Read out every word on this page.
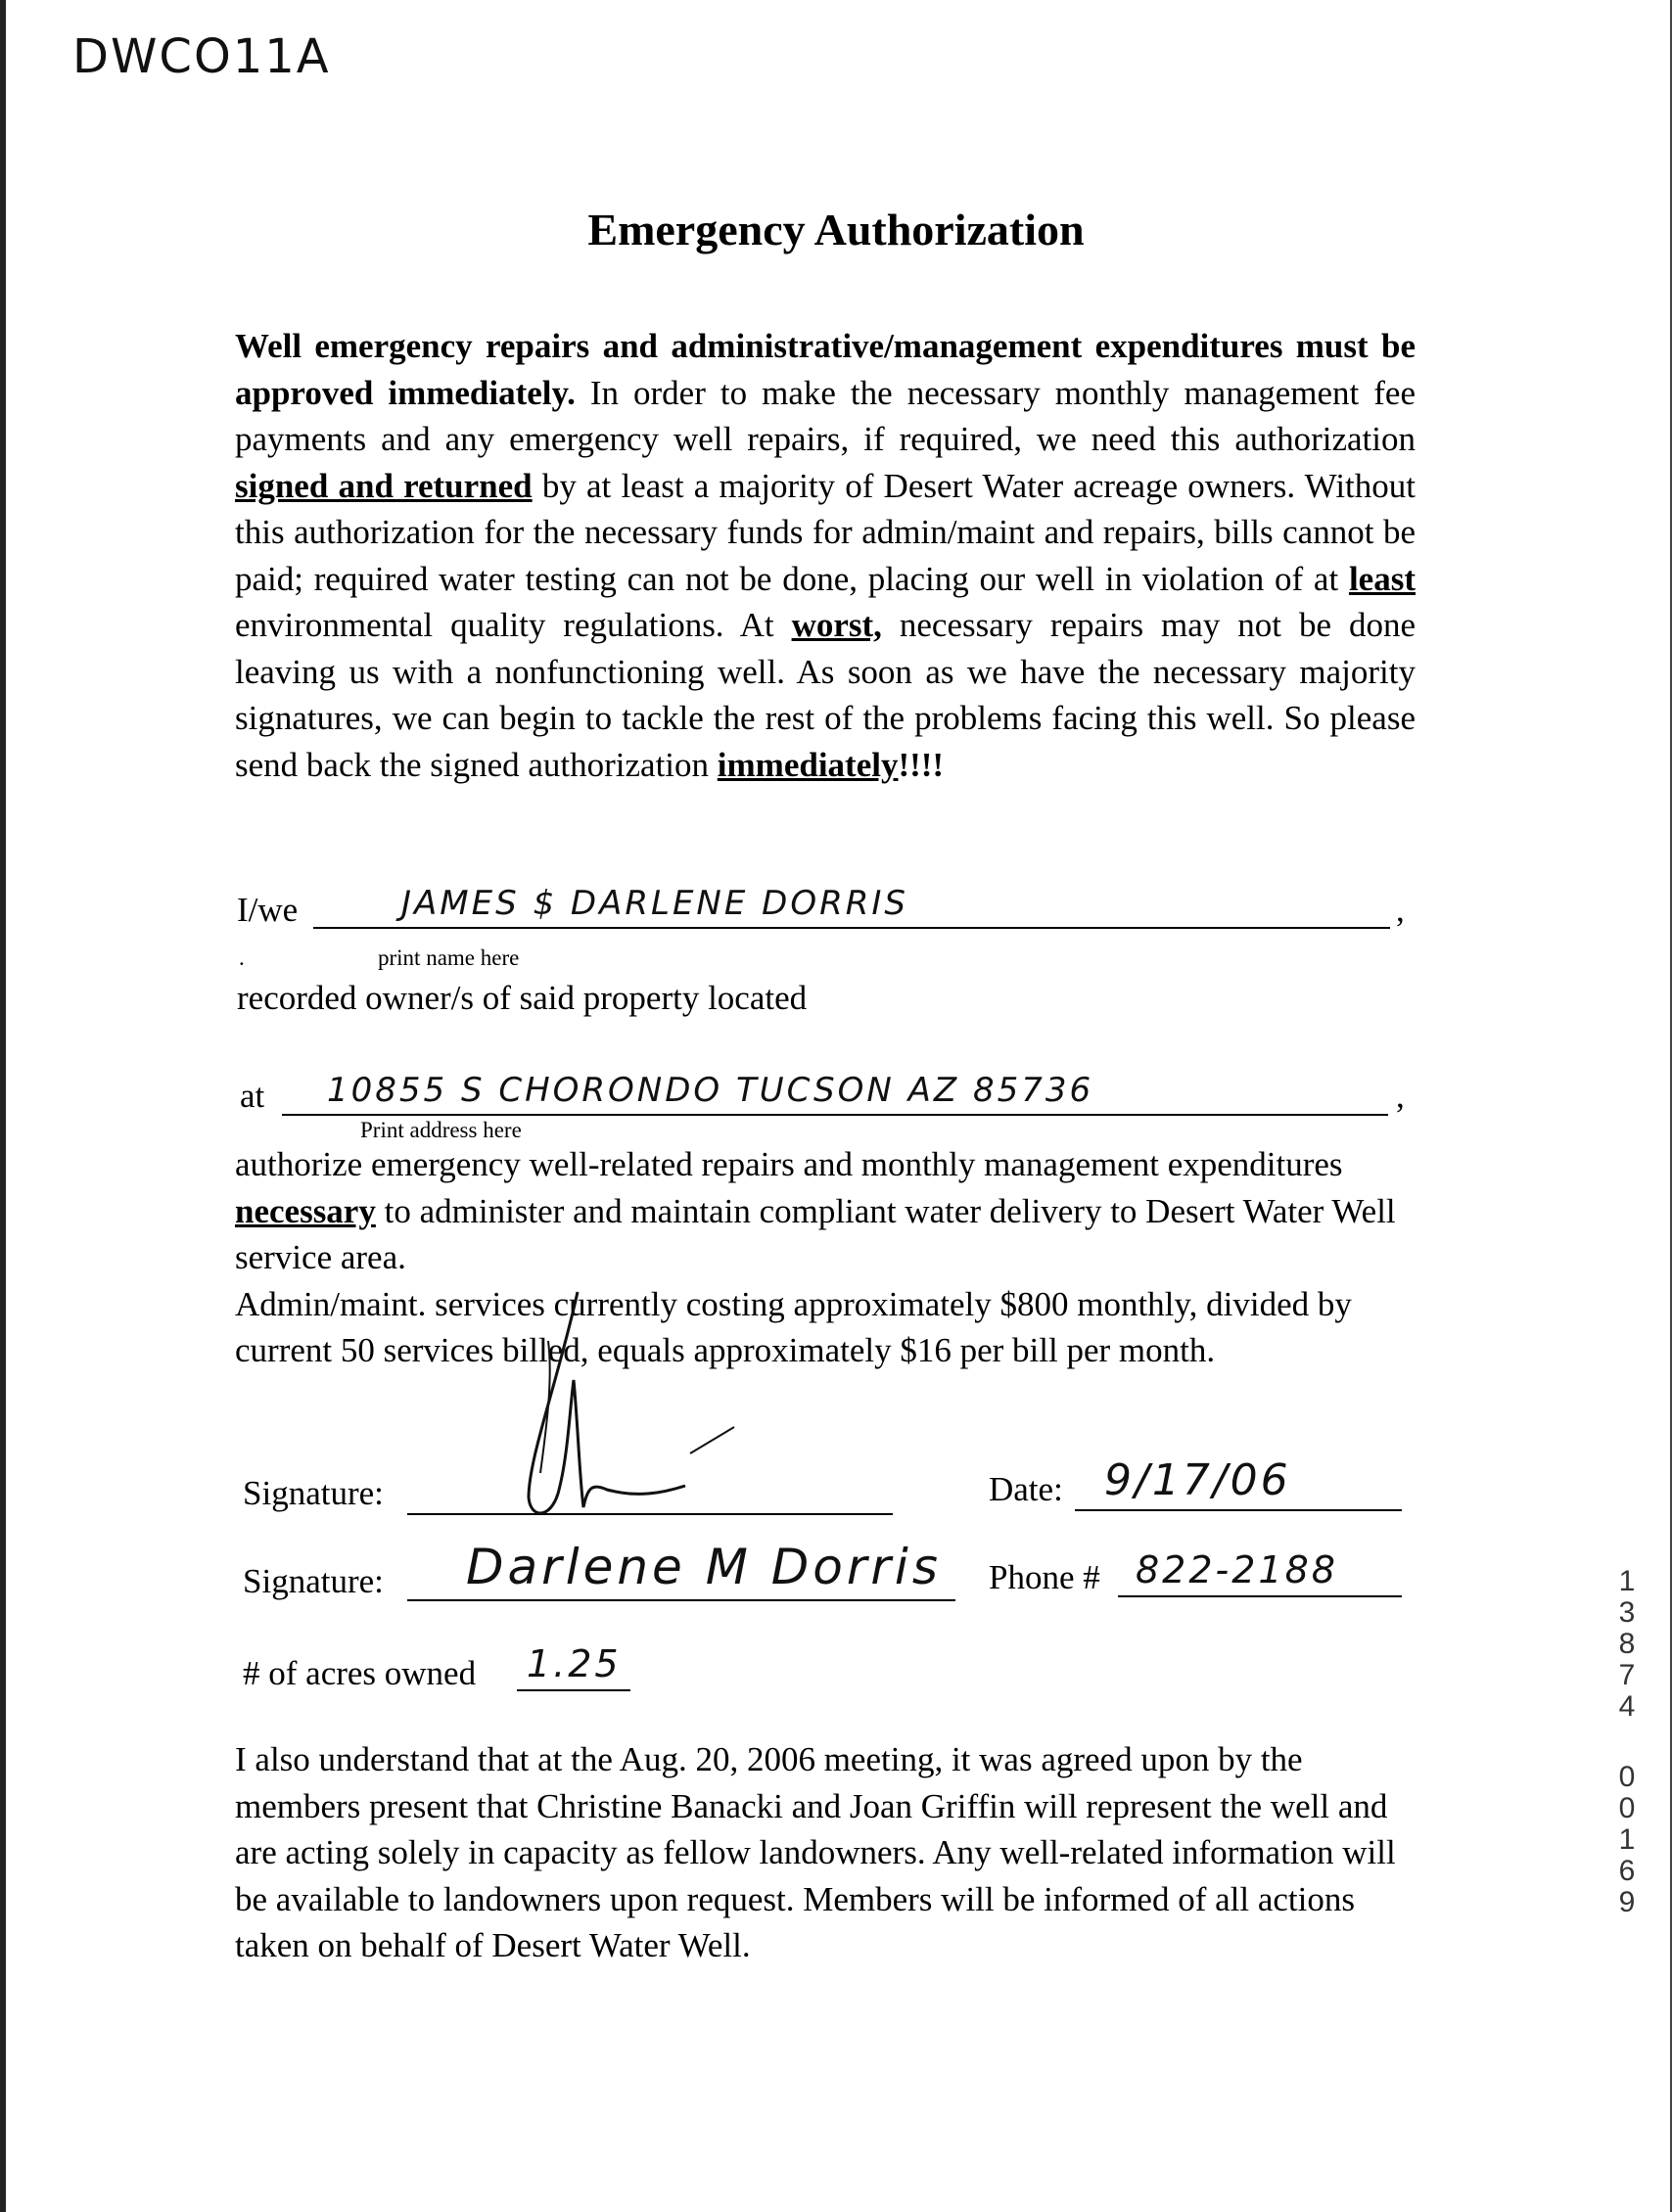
DWCO11A
Emergency Authorization
Well emergency repairs and administrative/management expenditures must be approved immediately. In order to make the necessary monthly management fee payments and any emergency well repairs, if required, we need this authorization signed and returned by at least a majority of Desert Water acreage owners. Without this authorization for the necessary funds for admin/maint and repairs, bills cannot be paid; required water testing can not be done, placing our well in violation of at least environmental quality regulations. At worst, necessary repairs may not be done leaving us with a nonfunctioning well. As soon as we have the necessary majority signatures, we can begin to tackle the rest of the problems facing this well. So please send back the signed authorization immediately!!!!
I/we	JAMES $ DARLENE DORRIS	,
.	print name here
recorded owner/s of said property located
at 10855 S CHORONDO TUCSON AZ 85736	,
Print address here
authorize emergency well-related repairs and monthly management expenditures necessary to administer and maintain compliant water delivery to Desert Water Well service area.
Admin/maint. services currently costing approximately $800 monthly, divided by current 50 services billed, equals approximately $16 per bill per month.
Signature:	Date: 9/17/06
Signature: Darlene M Dorris Phone # 822-2188
# of acres owned 1.25
I also understand that at the Aug. 20, 2006 meeting, it was agreed upon by the members present that Christine Banacki and Joan Griffin will represent the well and are acting solely in capacity as fellow landowners. Any well-related information will be available to landowners upon request. Members will be informed of all actions taken on behalf of Desert Water Well.
1
3
8
7
4
0
0
1
6
9
